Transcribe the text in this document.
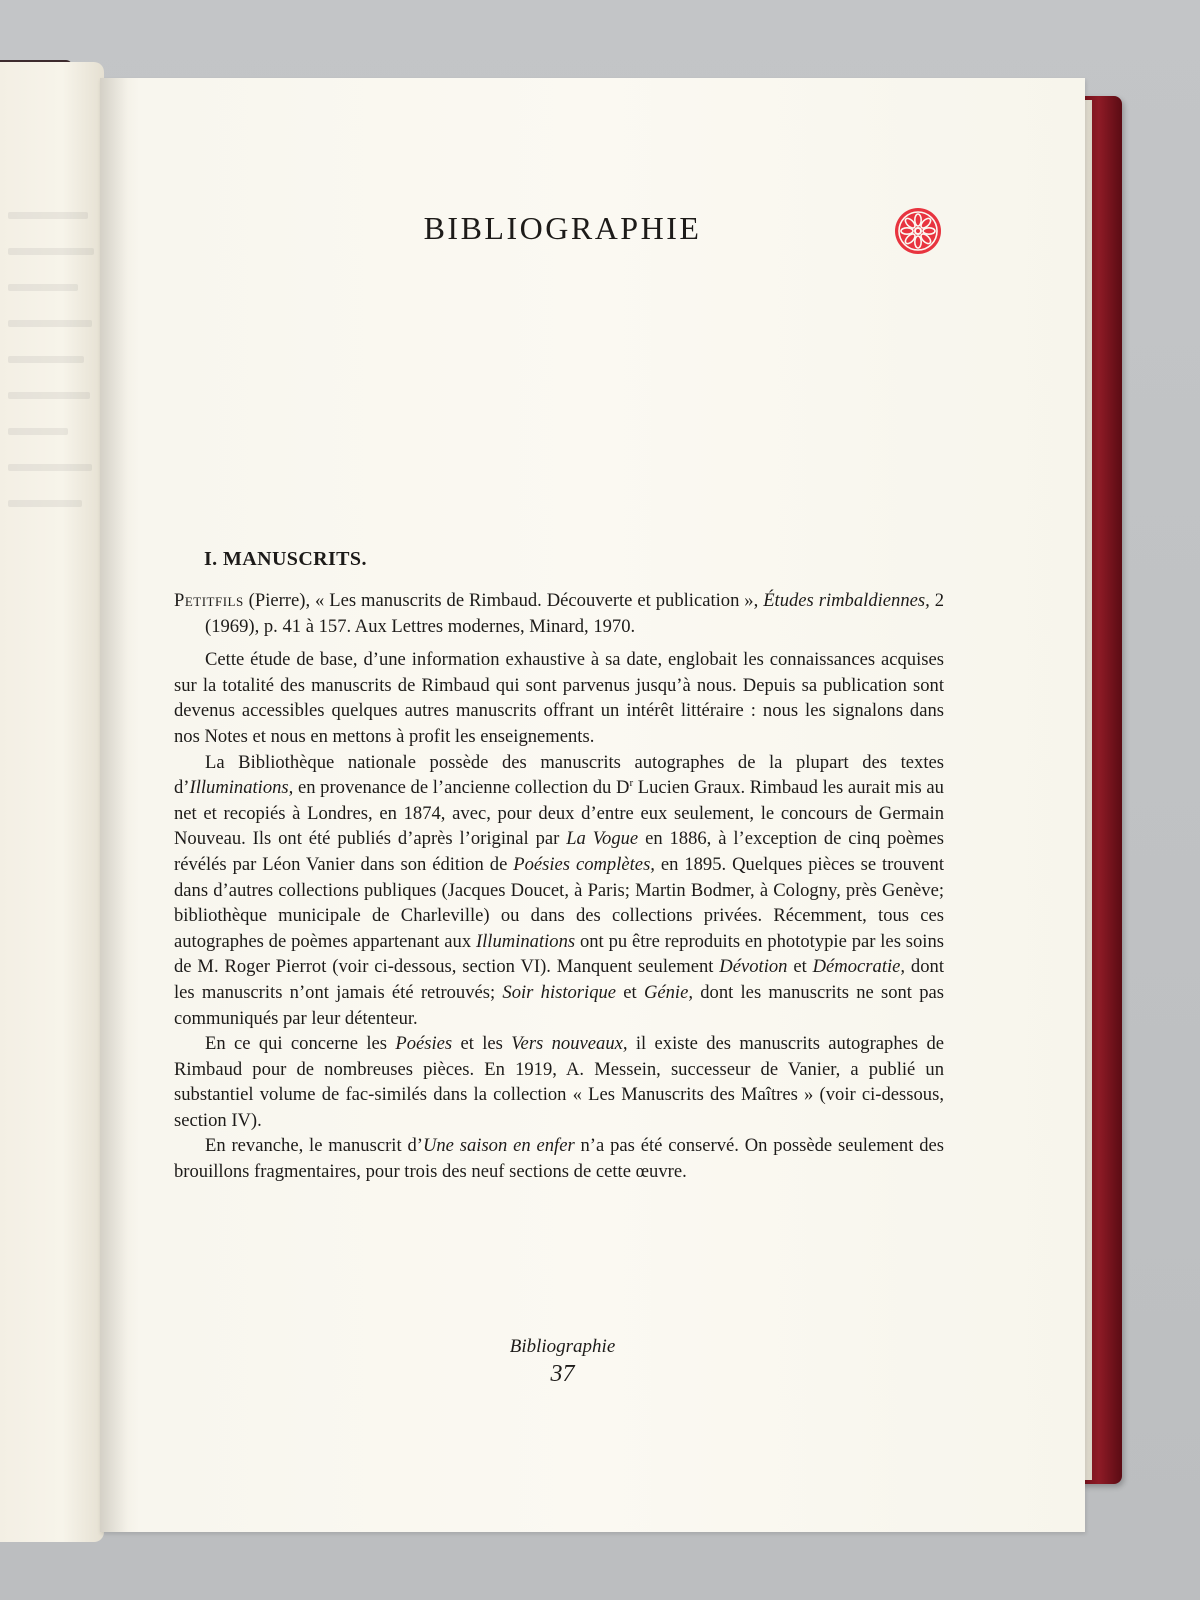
BIBLIOGRAPHIE
I. MANUSCRITS.

Petitfils (Pierre), « Les manuscrits de Rimbaud. Découverte et publication », Études rimbaldiennes, 2 (1969), p. 41 à 157. Aux Lettres modernes, Minard, 1970.

Cette étude de base, d’une information exhaustive à sa date, englobait les connaissances acquises sur la totalité des manuscrits de Rimbaud qui sont parvenus jusqu’à nous. Depuis sa publication sont devenus accessibles quelques autres manuscrits offrant un intérêt littéraire : nous les signalons dans nos Notes et nous en mettons à profit les enseignements.

La Bibliothèque nationale possède des manuscrits autographes de la plupart des textes d’Illuminations, en provenance de l’ancienne collection du $D^r$ Lucien Graux. Rimbaud les aurait mis au net et recopiés à Londres, en 1874, avec, pour deux d’entre eux seulement, le concours de Germain Nouveau. Ils ont été publiés d’après l’original par La Vogue en 1886, à l’exception de cinq poèmes révélés par Léon Vanier dans son édition de Poésies complètes, en 1895. Quelques pièces se trouvent dans d’autres collections publiques (Jacques Doucet, à Paris; Martin Bodmer, à Cologny, près Genève; bibliothèque municipale de Charleville) ou dans des collections privées. Récemment, tous ces autographes de poèmes appartenant aux Illuminations ont pu être reproduits en phototypie par les soins de M. Roger Pierrot (voir ci-dessous, section VI). Manquent seulement Dévotion et Démocratie, dont les manuscrits n’ont jamais été retrouvés; Soir historique et Génie, dont les manuscrits ne sont pas communiqués par leur détenteur.

En ce qui concerne les Poésies et les Vers nouveaux, il existe des manuscrits autographes de Rimbaud pour de nombreuses pièces. En 1919, A. Messein, successeur de Vanier, a publié un substantiel volume de fac-similés dans la collection « Les Manuscrits des Maîtres » (voir ci-dessous, section IV).

En revanche, le manuscrit d’Une saison en enfer n’a pas été conservé. On possède seulement des brouillons fragmentaires, pour trois des neuf sections de cette œuvre.

Bibliographie

37
